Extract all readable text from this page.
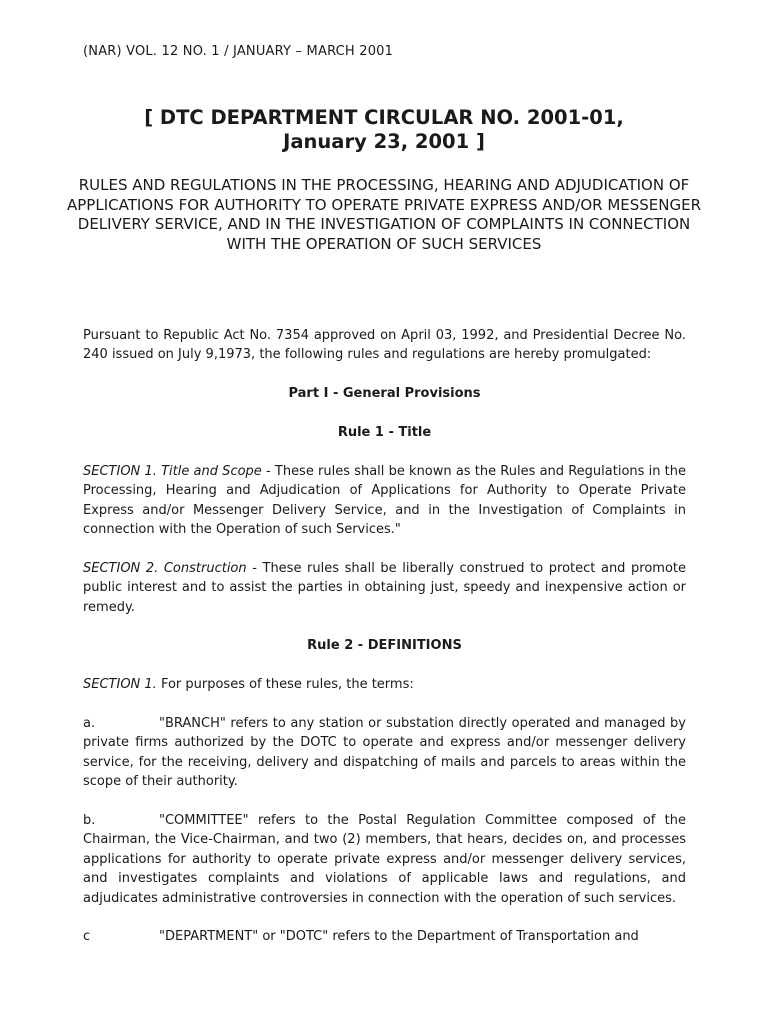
(NAR) VOL. 12 NO. 1 / JANUARY – MARCH 2001
[ DTC DEPARTMENT CIRCULAR NO. 2001-01,
January 23, 2001 ]
RULES AND REGULATIONS IN THE PROCESSING, HEARING AND ADJUDICATION OF APPLICATIONS FOR AUTHORITY TO OPERATE PRIVATE EXPRESS AND/OR MESSENGER DELIVERY SERVICE, AND IN THE INVESTIGATION OF COMPLAINTS IN CONNECTION WITH THE OPERATION OF SUCH SERVICES

Pursuant to Republic Act No. 7354 approved on April 03, 1992, and Presidential Decree No. 240 issued on July 9,1973, the following rules and regulations are hereby promulgated:

Part I - General Provisions

Rule 1 - Title

SECTION 1. Title and Scope - These rules shall be known as the Rules and Regulations in the Processing, Hearing and Adjudication of Applications for Authority to Operate Private Express and/or Messenger Delivery Service, and in the Investigation of Complaints in connection with the Operation of such Services."

SECTION 2. Construction - These rules shall be liberally construed to protect and promote public interest and to assist the parties in obtaining just, speedy and inexpensive action or remedy.

Rule 2 - DEFINITIONS

SECTION 1. For purposes of these rules, the terms:

a.	"BRANCH" refers to any station or substation directly operated and managed by private firms authorized by the DOTC to operate and express and/or messenger delivery service, for the receiving, delivery and dispatching of mails and parcels to areas within the scope of their authority.
b.	"COMMITTEE" refers to the Postal Regulation Committee composed of the Chairman, the Vice-Chairman, and two (2) members, that hears, decides on, and processes applications for authority to operate private express and/or messenger delivery services, and investigates complaints and violations of applicable laws and regulations, and adjudicates administrative controversies in connection with the operation of such services.
c	"DEPARTMENT" or "DOTC" refers to the Department of Transportation and
